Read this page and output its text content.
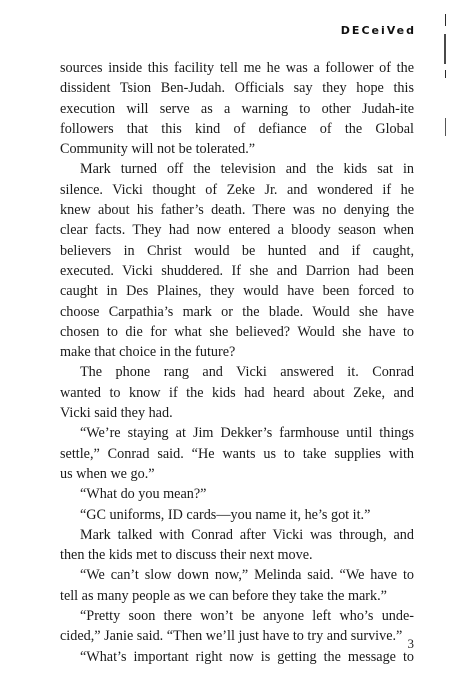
DECeiVed
sources inside this facility tell me he was a follower of the
dissident Tsion Ben-Judah. Officials say they hope this
execution will serve as a warning to other Judah-ite
followers that this kind of defiance of the Global
Community will not be tolerated.”
Mark turned off the television and the kids sat in
silence. Vicki thought of Zeke Jr. and wondered if he
knew about his father’s death. There was no denying the
clear facts. They had now entered a bloody season when
believers in Christ would be hunted and if caught,
executed. Vicki shuddered. If she and Darrion had been
caught in Des Plaines, they would have been forced to
choose Carpathia’s mark or the blade. Would she have
chosen to die for what she believed? Would she have to
make that choice in the future?
The phone rang and Vicki answered it. Conrad
wanted to know if the kids had heard about Zeke, and
Vicki said they had.
“We’re staying at Jim Dekker’s farmhouse until things
settle,” Conrad said. “He wants us to take supplies with
us when we go.”
“What do you mean?”
“GC uniforms, ID cards—you name it, he’s got it.”
Mark talked with Conrad after Vicki was through, and
then the kids met to discuss their next move.
“We can’t slow down now,” Melinda said. “We have to
tell as many people as we can before they take the mark.”
“Pretty soon there won’t be anyone left who’s unde-
cided,” Janie said. “Then we’ll just have to try and survive.”
“What’s important right now is getting the message to
3
